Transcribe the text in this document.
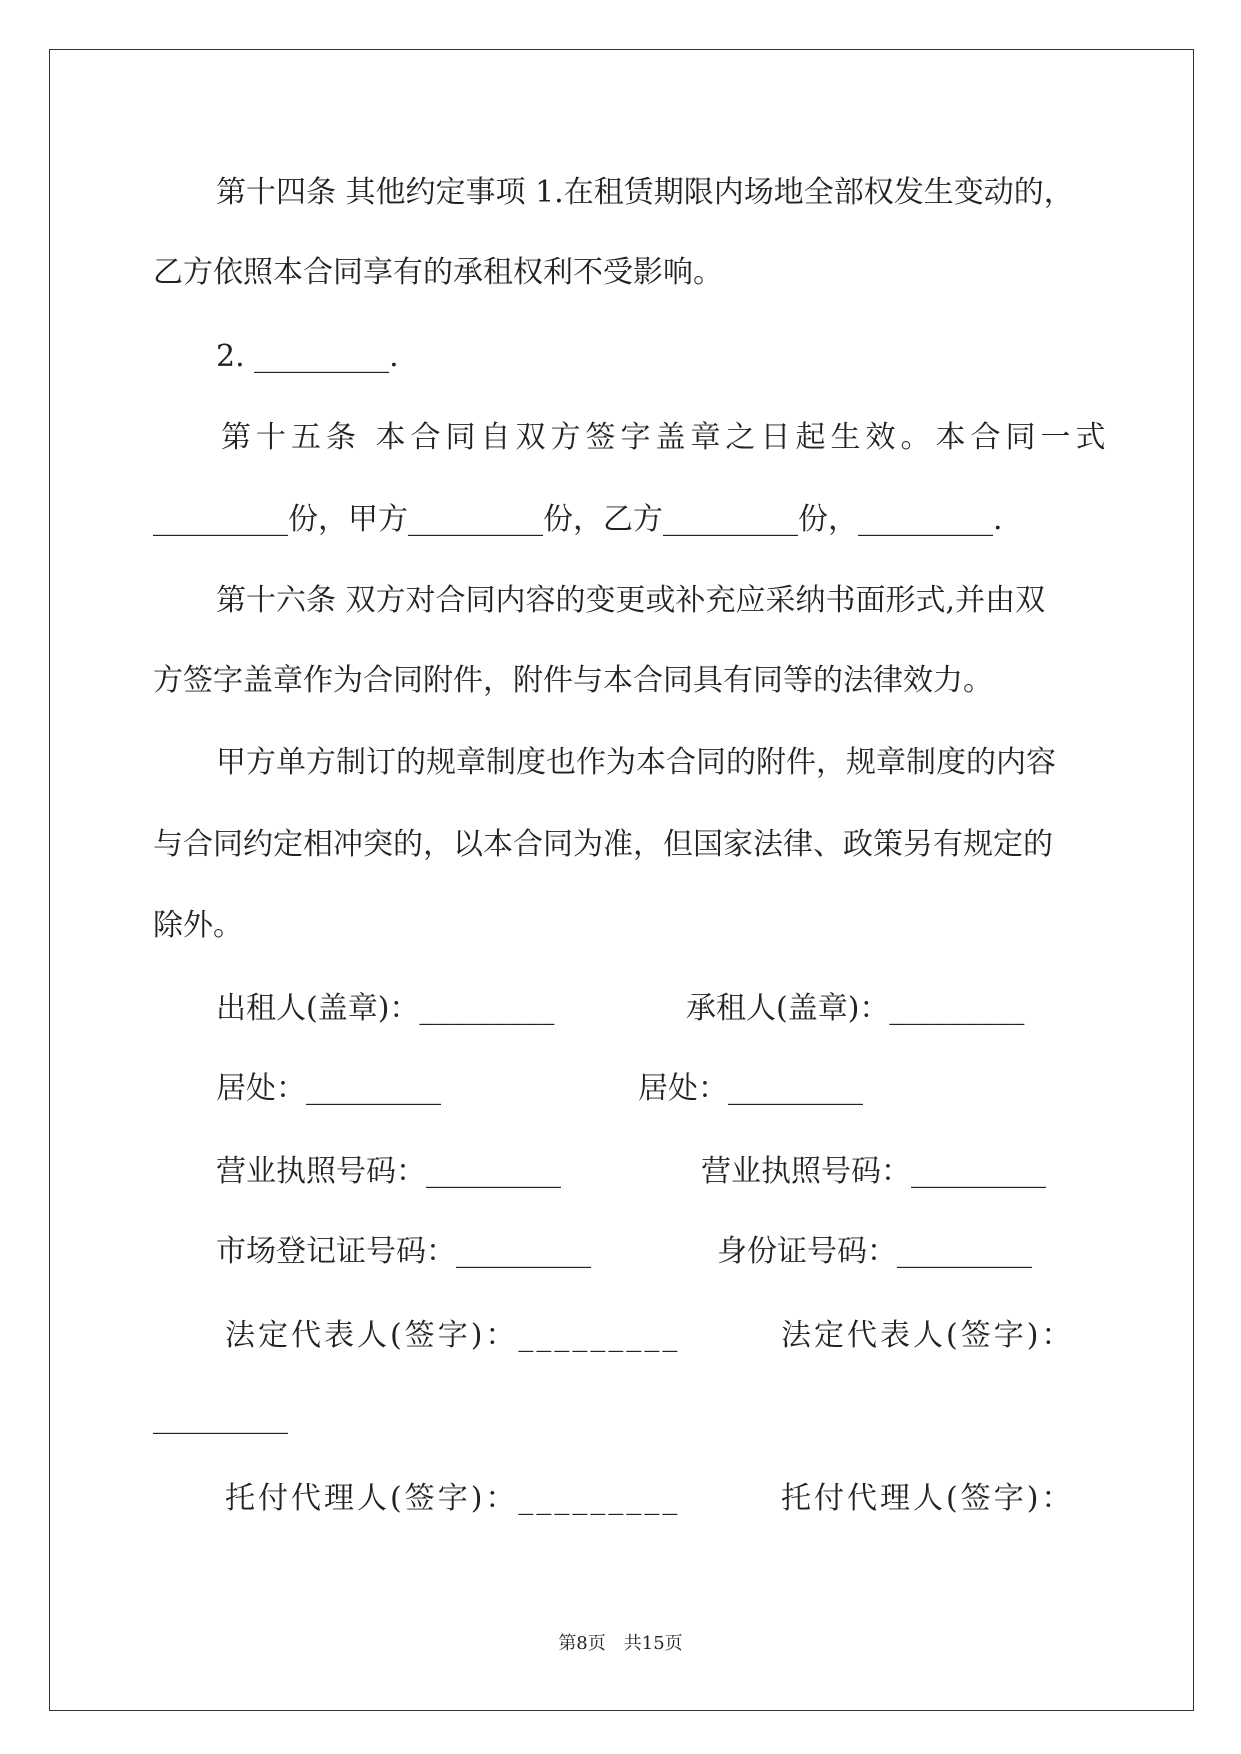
第十四条 其他约定事项 1.在租赁期限内场地全部权发生变动的，
乙方依照本合同享有的承租权利不受影响。
2. _________.
第十五条 本合同自双方签字盖章之日起生效。本合同一式
_________份，甲方_________份，乙方_________份，_________.
第十六条 双方对合同内容的变更或补充应采纳书面形式,并由双
方签字盖章作为合同附件，附件与本合同具有同等的法律效力。
甲方单方制订的规章制度也作为本合同的附件，规章制度的内容
与合同约定相冲突的，以本合同为准，但国家法律、政策另有规定的
除外。
出租人(盖章)：_________	承租人(盖章)：_________
居处：_________	居处：_________
营业执照号码：_________	营业执照号码：_________
市场登记证号码：_________	身份证号码：_________
法定代表人(签字)：_________	法定代表人(签字)：
_________
托付代理人(签字)：_________	托付代理人(签字)：
第8页 共15页
